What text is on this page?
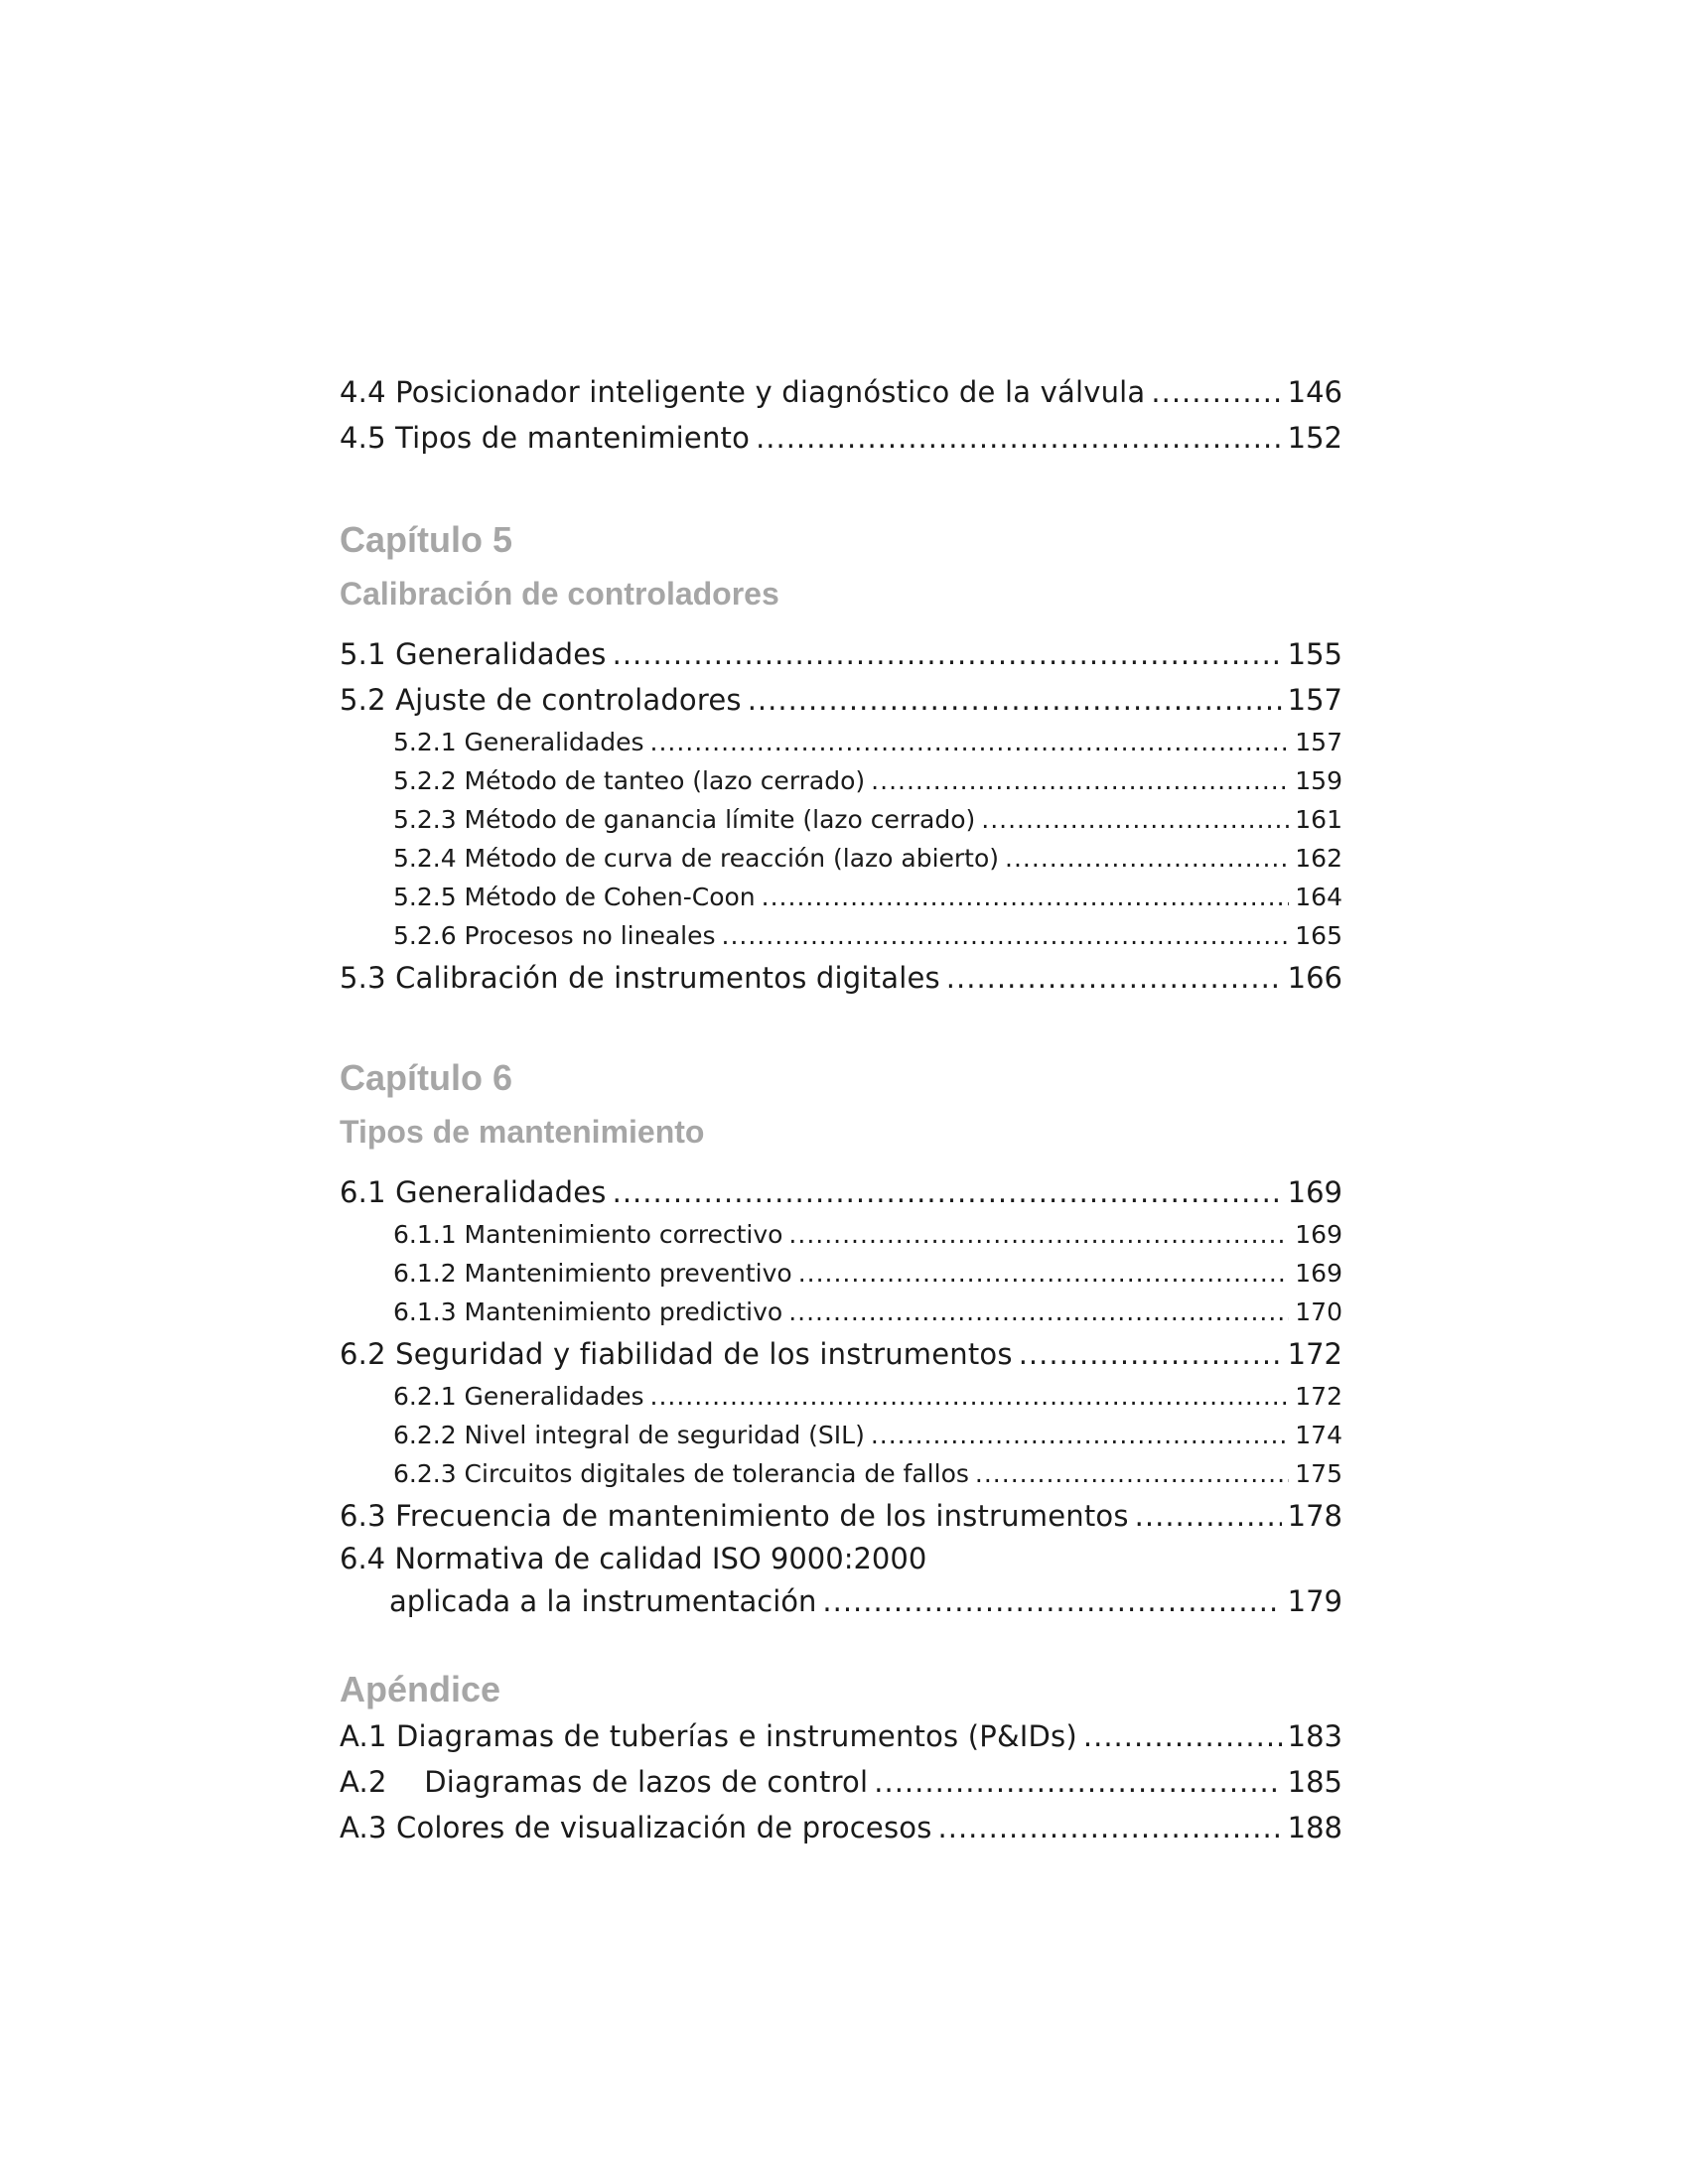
4.4 Posicionador inteligente y diagnóstico de la válvula .....	146
4.5 Tipos de mantenimiento .....	152
Capítulo 5
Calibración de controladores
5.1 Generalidades .....	155
5.2 Ajuste de controladores .....	157
5.2.1 Generalidades .....	157
5.2.2 Método de tanteo (lazo cerrado) .....	159
5.2.3 Método de ganancia límite (lazo cerrado) .....	161
5.2.4 Método de curva de reacción (lazo abierto) .....	162
5.2.5 Método de Cohen-Coon .....	164
5.2.6 Procesos no lineales .....	165
5.3 Calibración de instrumentos digitales .....	166
Capítulo 6
Tipos de mantenimiento
6.1 Generalidades .....	169
6.1.1 Mantenimiento correctivo .....	169
6.1.2 Mantenimiento preventivo .....	169
6.1.3 Mantenimiento predictivo .....	170
6.2 Seguridad y fiabilidad de los instrumentos .....	172
6.2.1 Generalidades .....	172
6.2.2 Nivel integral de seguridad (SIL) .....	174
6.2.3 Circuitos digitales de tolerancia de fallos .....	175
6.3 Frecuencia de mantenimiento de los instrumentos .....	178
6.4 Normativa de calidad ISO 9000:2000
aplicada a la instrumentación .....	179
Apéndice
A.1 Diagramas de tuberías e instrumentos (P&IDs) .....	183
A.2    Diagramas de lazos de control .....	185
A.3 Colores de visualización de procesos .....	188
